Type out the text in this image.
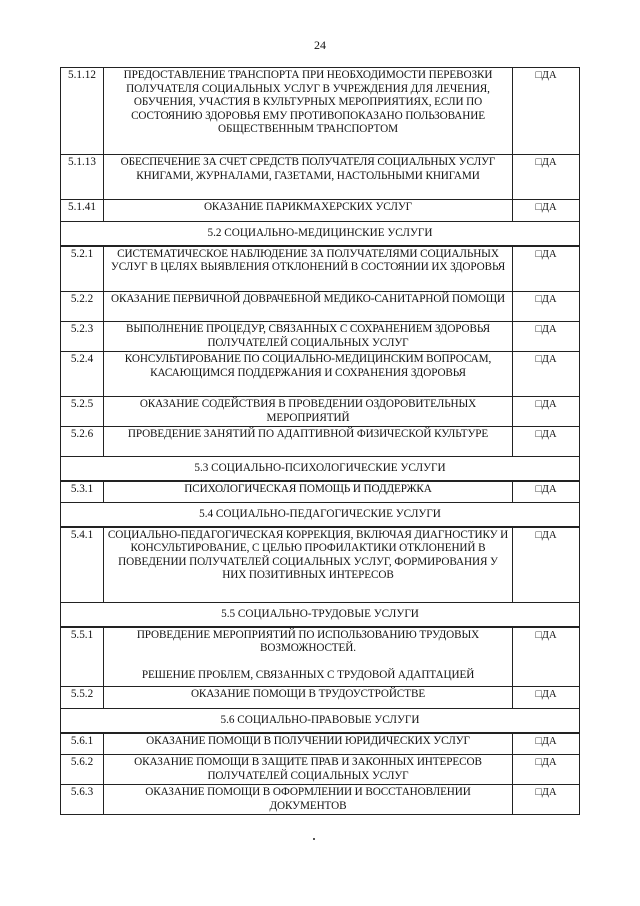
24
5.1.12	ПРЕДОСТАВЛЕНИЕ ТРАНСПОРТА ПРИ НЕОБХОДИМОСТИ ПЕРЕВОЗКИ ПОЛУЧАТЕЛЯ СОЦИАЛЬНЫХ УСЛУГ В УЧРЕЖДЕНИЯ ДЛЯ ЛЕЧЕНИЯ, ОБУЧЕНИЯ, УЧАСТИЯ В КУЛЬТУРНЫХ МЕРОПРИЯТИЯХ, ЕСЛИ ПО СОСТОЯНИЮ ЗДОРОВЬЯ ЕМУ ПРОТИВОПОКАЗАНО ПОЛЬЗОВАНИЕ ОБЩЕСТВЕННЫМ ТРАНСПОРТОМ	□ДА
5.1.13	ОБЕСПЕЧЕНИЕ ЗА СЧЕТ СРЕДСТВ ПОЛУЧАТЕЛЯ СОЦИАЛЬНЫХ УСЛУГ КНИГАМИ, ЖУРНАЛАМИ, ГАЗЕТАМИ, НАСТОЛЬНЫМИ КНИГАМИ	□ДА
5.1.41	ОКАЗАНИЕ ПАРИКМАХЕРСКИХ УСЛУГ	□ДА
5.2 СОЦИАЛЬНО-МЕДИЦИНСКИЕ УСЛУГИ		
5.2.1	СИСТЕМАТИЧЕСКОЕ НАБЛЮДЕНИЕ ЗА ПОЛУЧАТЕЛЯМИ СОЦИАЛЬНЫХ УСЛУГ В ЦЕЛЯХ ВЫЯВЛЕНИЯ ОТКЛОНЕНИЙ В СОСТОЯНИИ ИХ ЗДОРОВЬЯ	□ДА
5.2.2	ОКАЗАНИЕ ПЕРВИЧНОЙ ДОВРАЧЕБНОЙ МЕДИКО-САНИТАРНОЙ ПОМОЩИ	□ДА
5.2.3	ВЫПОЛНЕНИЕ ПРОЦЕДУР, СВЯЗАННЫХ С СОХРАНЕНИЕМ ЗДОРОВЬЯ ПОЛУЧАТЕЛЕЙ СОЦИАЛЬНЫХ УСЛУГ	□ДА
5.2.4	КОНСУЛЬТИРОВАНИЕ ПО СОЦИАЛЬНО-МЕДИЦИНСКИМ ВОПРОСАМ, КАСАЮЩИМСЯ ПОДДЕРЖАНИЯ И СОХРАНЕНИЯ ЗДОРОВЬЯ	□ДА
5.2.5	ОКАЗАНИЕ СОДЕЙСТВИЯ В ПРОВЕДЕНИИ ОЗДОРОВИТЕЛЬНЫХ МЕРОПРИЯТИЙ	□ДА
5.2.6	ПРОВЕДЕНИЕ ЗАНЯТИЙ ПО АДАПТИВНОЙ ФИЗИЧЕСКОЙ КУЛЬТУРЕ	□ДА
5.3 СОЦИАЛЬНО-ПСИХОЛОГИЧЕСКИЕ УСЛУГИ		
5.3.1	ПСИХОЛОГИЧЕСКАЯ ПОМОЩЬ И ПОДДЕРЖКА	□ДА
5.4 СОЦИАЛЬНО-ПЕДАГОГИЧЕСКИЕ УСЛУГИ		
5.4.1	СОЦИАЛЬНО-ПЕДАГОГИЧЕСКАЯ КОРРЕКЦИЯ, ВКЛЮЧАЯ ДИАГНОСТИКУ И КОНСУЛЬТИРОВАНИЕ, С ЦЕЛЬЮ ПРОФИЛАКТИКИ ОТКЛОНЕНИЙ В ПОВЕДЕНИИ ПОЛУЧАТЕЛЕЙ СОЦИАЛЬНЫХ УСЛУГ, ФОРМИРОВАНИЯ У НИХ ПОЗИТИВНЫХ ИНТЕРЕСОВ	□ДА
5.5 СОЦИАЛЬНО-ТРУДОВЫЕ УСЛУГИ		
5.5.1	ПРОВЕДЕНИЕ МЕРОПРИЯТИЙ ПО ИСПОЛЬЗОВАНИЮ ТРУДОВЫХ ВОЗМОЖНОСТЕЙ.
РЕШЕНИЕ ПРОБЛЕМ, СВЯЗАННЫХ С ТРУДОВОЙ АДАПТАЦИЕЙ	□ДА
5.5.2	ОКАЗАНИЕ ПОМОЩИ В ТРУДОУСТРОЙСТВЕ	□ДА
5.6 СОЦИАЛЬНО-ПРАВОВЫЕ УСЛУГИ		
5.6.1	ОКАЗАНИЕ ПОМОЩИ В ПОЛУЧЕНИИ ЮРИДИЧЕСКИХ УСЛУГ	□ДА
5.6.2	ОКАЗАНИЕ ПОМОЩИ В ЗАЩИТЕ ПРАВ И ЗАКОННЫХ ИНТЕРЕСОВ ПОЛУЧАТЕЛЕЙ СОЦИАЛЬНЫХ УСЛУГ	□ДА
5.6.3	ОКАЗАНИЕ ПОМОЩИ В ОФОРМЛЕНИИ И ВОССТАНОВЛЕНИИ ДОКУМЕНТОВ	□ДА
